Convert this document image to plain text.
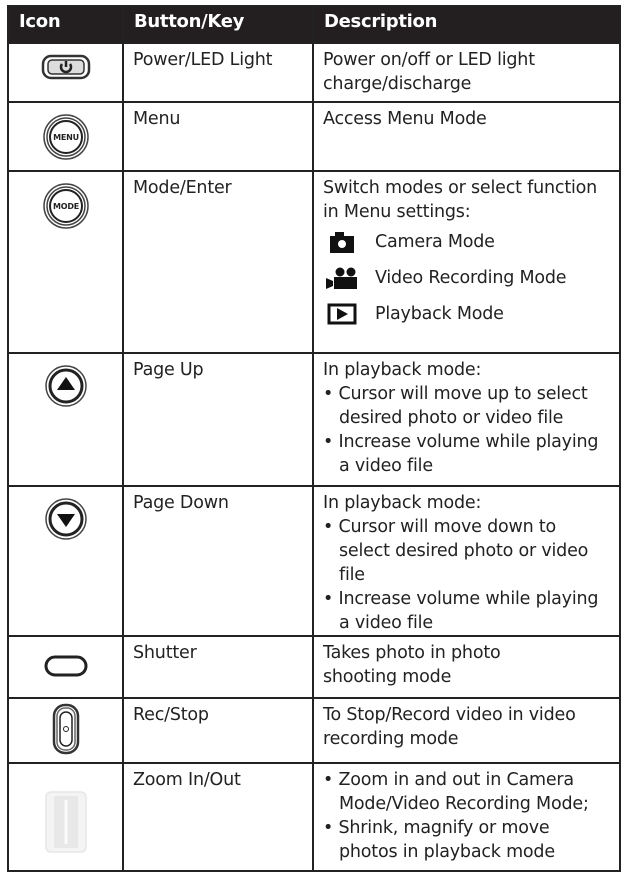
Icon	Button/Key	Description
	Power/LED Light	Power on/off or LED light
charge/discharge

MENU	Menu	Access Menu Mode

MODE	Mode/Enter	Switch modes or select function
in Menu settings:
Camera Mode
Video Recording Mode
Playback Mode

	Page Up	In playback mode:
• Cursor will move up to select desired photo or video file
• Increase volume while playing a video file

	Page Down	In playback mode:
• Cursor will move down to select desired photo or video file
• Increase volume while playing a video file

	Shutter	Takes photo in photo
shooting mode

	Rec/Stop	To Stop/Record video in video
recording mode

	Zoom In/Out	• Zoom in and out in Camera Mode/Video Recording Mode;
• Shrink, magnify or move photos in playback mode
